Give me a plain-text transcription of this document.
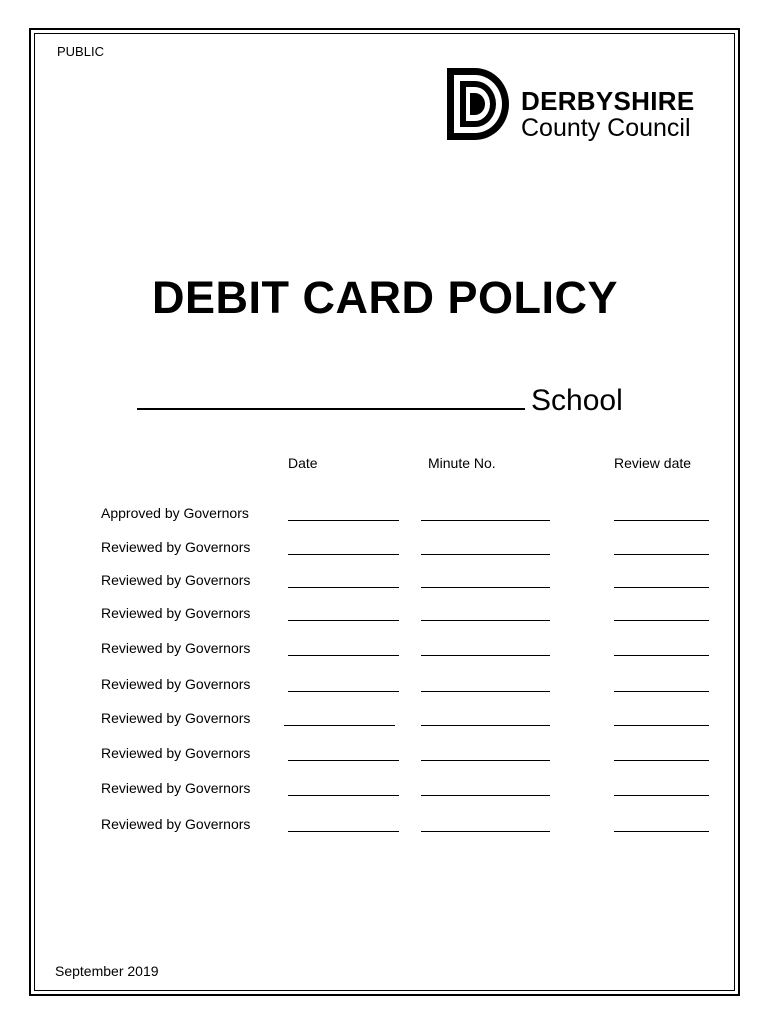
PUBLIC
DERBYSHIRE
County Council
DEBIT CARD POLICY
School
Date	Minute No.	Review date
Approved by Governors
Reviewed by Governors
Reviewed by Governors
Reviewed by Governors
Reviewed by Governors
Reviewed by Governors
Reviewed by Governors
Reviewed by Governors
Reviewed by Governors
Reviewed by Governors
September 2019
